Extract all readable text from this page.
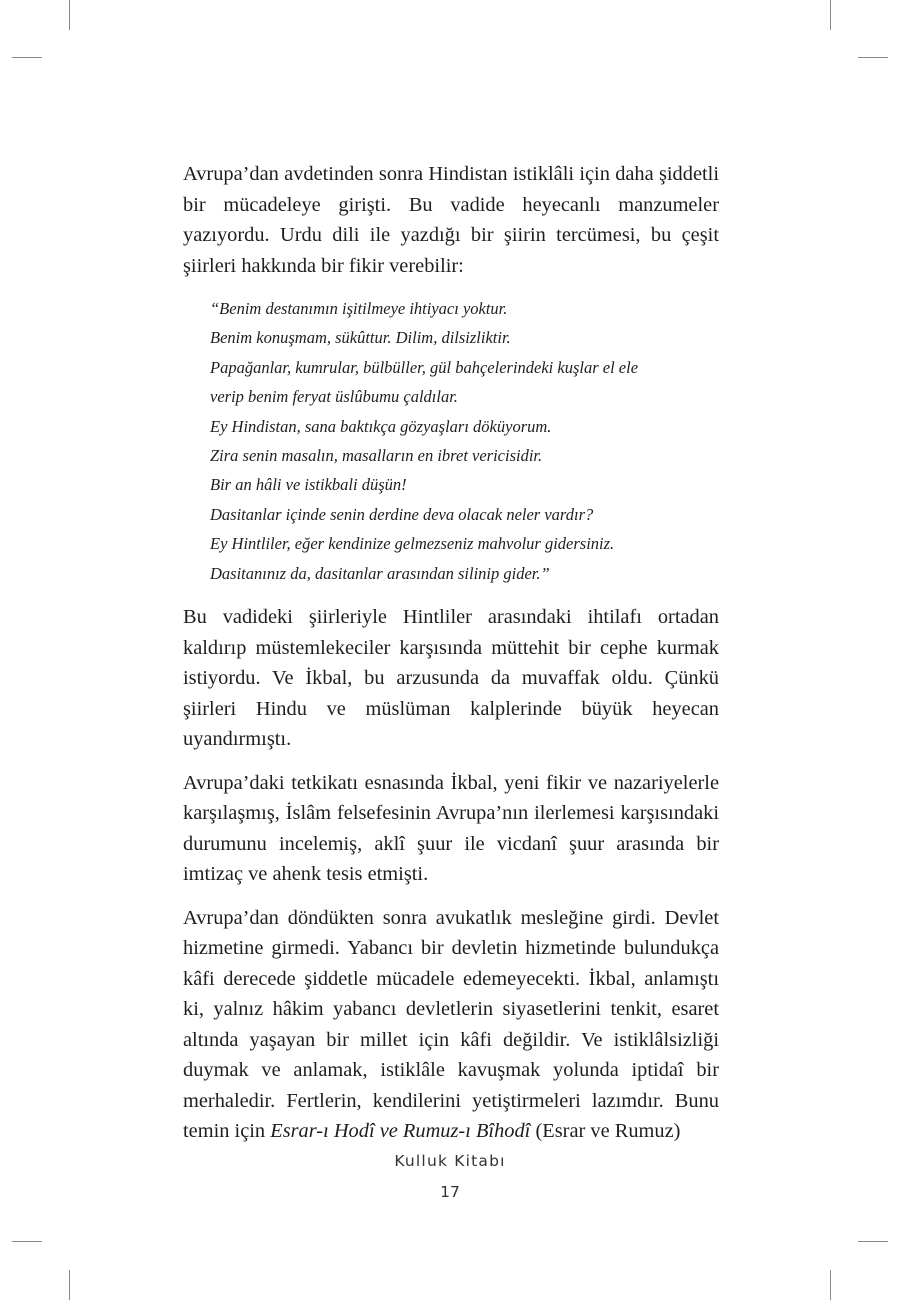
Avrupa’dan avdetinden sonra Hindistan istiklâli için daha şiddetli bir mücadeleye girişti. Bu vadide heyecanlı manzumeler yazıyordu. Urdu dili ile yazdığı bir şiirin tercümesi, bu çeşit şiirleri hakkında bir fikir verebilir:

“Benim destanımın işitilmeye ihtiyacı yoktur.
Benim konuşmam, sükûttur. Dilim, dilsizliktir.
Papağanlar, kumrular, bülbüller, gül bahçelerindeki kuşlar el ele
verip benim feryat üslûbumu çaldılar.
Ey Hindistan, sana baktıkça gözyaşları döküyorum.
Zira senin masalın, masalların en ibret vericisidir.
Bir an hâli ve istikbali düşün!
Dasitanlar içinde senin derdine deva olacak neler vardır?
Ey Hintliler, eğer kendinize gelmezseniz mahvolur gidersiniz.
Dasitanınız da, dasitanlar arasından silinip gider.”

Bu vadideki şiirleriyle Hintliler arasındaki ihtilafı ortadan kaldırıp müstemlekeciler karşısında müttehit bir cephe kurmak istiyordu. Ve İkbal, bu arzusunda da muvaffak oldu. Çünkü şiirleri Hindu ve müslüman kalplerinde büyük heyecan uyandırmıştı.

Avrupa’daki tetkikatı esnasında İkbal, yeni fikir ve nazariyelerle karşılaşmış, İslâm felsefesinin Avrupa’nın ilerlemesi karşısındaki durumunu incelemiş, aklî şuur ile vicdanî şuur arasında bir imtizaç ve ahenk tesis etmişti.

Avrupa’dan döndükten sonra avukatlık mesleğine girdi. Devlet hizmetine girmedi. Yabancı bir devletin hizmetinde bulundukça kâfi derecede şiddetle mücadele edemeyecekti. İkbal, anlamıştı ki, yalnız hâkim yabancı devletlerin siyasetlerini tenkit, esaret altında yaşayan bir millet için kâfi değildir. Ve istiklâlsizliği duymak ve anlamak, istiklâle kavuşmak yolunda iptidaî bir merhaledir. Fertlerin, kendilerini yetiştirmeleri lazımdır. Bunu temin için Esrar-ı Hodî ve Rumuz-ı Bîhodî (Esrar ve Rumuz)

Kulluk Kitabı
17
